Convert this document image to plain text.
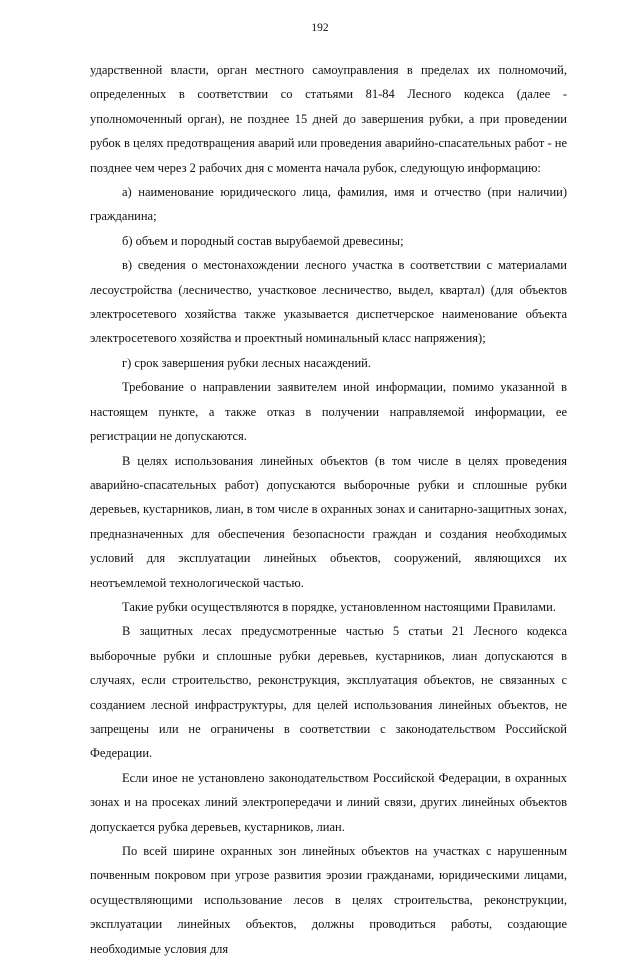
192

ударственной власти, орган местного самоуправления в пределах их полномочий, определенных в соответствии со статьями 81-84 Лесного кодекса (далее - уполномоченный орган), не позднее 15 дней до завершения рубки, а при проведении рубок в целях предотвращения аварий или проведения аварийно-спасательных работ - не позднее чем через 2 рабочих дня с момента начала рубок, следующую информацию:

а) наименование юридического лица, фамилия, имя и отчество (при наличии) гражданина;

б) объем и породный состав вырубаемой древесины;

в) сведения о местонахождении лесного участка в соответствии с материалами лесоустройства (лесничество, участковое лесничество, выдел, квартал) (для объектов электросетевого хозяйства также указывается диспетчерское наименование объекта электросетевого хозяйства и проектный номинальный класс напряжения);

г) срок завершения рубки лесных насаждений.

Требование о направлении заявителем иной информации, помимо указанной в настоящем пункте, а также отказ в получении направляемой информации, ее регистрации не допускаются.

В целях использования линейных объектов (в том числе в целях проведения аварийно-спасательных работ) допускаются выборочные рубки и сплошные рубки деревьев, кустарников, лиан, в том числе в охранных зонах и санитарно-защитных зонах, предназначенных для обеспечения безопасности граждан и создания необходимых условий для эксплуатации линейных объектов, сооружений, являющихся их неотъемлемой технологической частью.

Такие рубки осуществляются в порядке, установленном настоящими Правилами.

В защитных лесах предусмотренные частью 5 статьи 21 Лесного кодекса выборочные рубки и сплошные рубки деревьев, кустарников, лиан допускаются в случаях, если строительство, реконструкция, эксплуатация объектов, не связанных с созданием лесной инфраструктуры, для целей использования линейных объектов, не запрещены или не ограничены в соответствии с законодательством Российской Федерации.

Если иное не установлено законодательством Российской Федерации, в охранных зонах и на просеках линий электропередачи и линий связи, других линейных объектов допускается рубка деревьев, кустарников, лиан.

По всей ширине охранных зон линейных объектов на участках с нарушенным почвенным покровом при угрозе развития эрозии гражданами, юридическими лицами, осуществляющими использование лесов в целях строительства, реконструкции, эксплуатации линейных объектов, должны проводиться работы, создающие необходимые условия для
